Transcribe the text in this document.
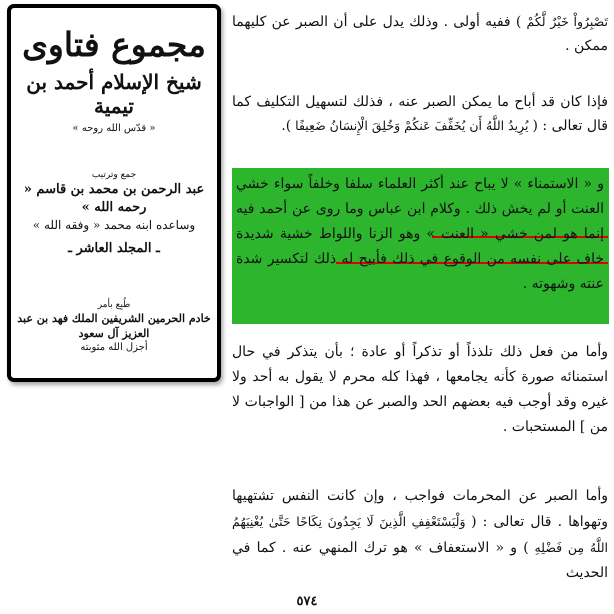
مجموع فتاوى
شيخ الإسلام أحمد بن تيمية
« قدّس الله روحه »
جمع وترتيب
عبد الرحمن بن محمد بن قاسم « رحمه الله »
وساعده ابنه محمد « وفقه الله »
ـ المجلد العاشر ـ
طُبِع بأمر
خادم الحرمين الشريفين الملك فهد بن عبد العزيز آل سعود
أجزل الله مثوبته

تَصْبِرُواْ خَيْرٌ لَّكُمْ ) ففيه أولى . وذلك يدل على أن الصبر عن كليهما ممكن .

فإذا كان قد أباح ما يمكن الصبر عنه ، فذلك لتسهيل التكليف كما قال تعالى : ( يُرِيدُ اللَّهُ أَن يُخَفِّفَ عَنكُمْ وَخُلِقَ الْإِنسَانُ ضَعِيفًا ).

و « الاستمناء » لا يباح عند أكثر العلماء سلفا وخلفاً سواء خشي العنت أو لم يخش ذلك . وكلام ابن عباس وما روى عن أحمد فيه إنما هو لمن خشي « العنت » وهو الزنا واللواط خشية شديدة خاف على نفسه من الوقوع في ذلك فأبيح له ذلك لتكسير شدة عنته وشهوته .

وأما من فعل ذلك تلذذاً أو تذكراً أو عادة ؛ بأن يتذكر في حال استمنائه صورة كأنه يجامعها ، فهذا كله محرم لا يقول به أحد ولا غيره وقد أوجب فيه بعضهم الحد والصبر عن هذا من [ الواجبات لا من ] المستحبات .

وأما الصبر عن المحرمات فواجب ، وإن كانت النفس تشتهيها وتهواها . قال تعالى : ( وَلْيَسْتَعْفِفِ الَّذِينَ لَا يَجِدُونَ نِكَاحًا حَتَّىٰ يُغْنِيَهُمُ اللَّهُ مِن فَضْلِهِ ) و « الاستعفاف » هو ترك المنهي عنه . كما في الحديث

٥٧٤
